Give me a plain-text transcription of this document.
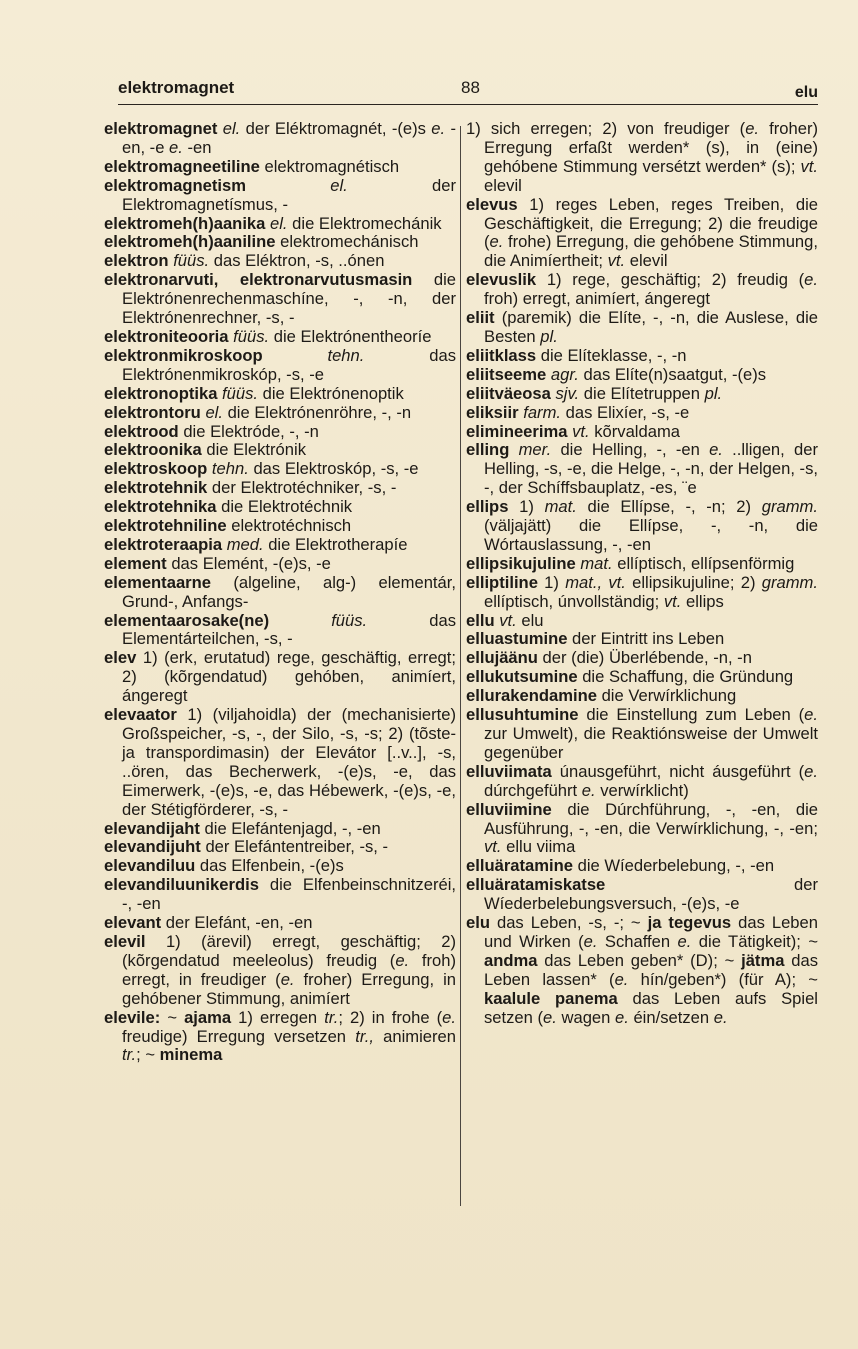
elektromagnet	88	elu

elektromagnet el. der Eléktromagnét, -(e)s e. -en, -e e. -en

elektromagneetiline elektromagnétisch

elektromagnetism	el. der Elektromagnetísmus, -

elektromeh(h)aanika el. die Elektromechánik

elektromeh(h)aaniline elektromechánisch

elektron füüs. das Eléktron, -s, ..ónen

elektronarvuti, elektronarvutusmasin die Elektrónenrechenmaschíne, -, -n, der Elektrónenrechner, -s, -

elektroniteooria füüs. die Elektrónentheoríe

elektronmikroskoop	tehn. das Elektrónenmikroskóp, -s, -e

elektronoptika füüs. die Elektrónenoptik

elektrontoru el. die Elektrónenröhre, -, -n

elektrood die Elektróde, -, -n

elektroonika die Elektrónik

elektroskoop tehn. das Elektroskóp, -s, -e

elektrotehnik der Elektrotéchniker, -s, -

elektrotehnika die Elektrotéchnik

elektrotehniline elektrotéchnisch

elektroteraapia med. die Elektrotherapíe

element das Elemént, -(e)s, -e

elementaarne (algeline, alg-) elementár, Grund-, Anfangs-

elementaarosake(ne)	füüs. das Elementárteilchen, -s, -

elev 1) (erk, erutatud) rege, geschäftig, erregt; 2) (kõrgendatud) gehóben, animíert, ángeregt

elevaator 1) (viljahoidla) der (mechanisierte) Großspeicher, -s, -, der Silo, -s, -s; 2) (tõste- ja transpordimasin) der Elevátor [..v..], -s, ..ören, das Becherwerk, -(e)s, -e, das Eimerwerk, -(e)s, -e, das Hébewerk, -(e)s, -e, der Stétigförderer, -s, -

elevandijaht die Elefántenjagd, -, -en

elevandijuht der Elefántentreiber, -s, -

elevandiluu das Elfenbein, -(e)s

elevandiluunikerdis die Elfenbeinschnitzeréi, -, -en

elevant der Elefánt, -en, -en

elevil 1) (ärevil) erregt, geschäftig; 2) (kõrgendatud meeleolus) freudig (e. froh) erregt, in freudiger (e. froher) Erregung, in gehóbener Stimmung, animíert

elevile: ~ ajama 1) erregen tr.; 2) in frohe (e. freudige) Erregung versetzen tr., animieren tr.; ~ minema

1) sich erregen; 2) von freudiger (e. froher) Erregung erfaßt werden* (s), in (eine) gehóbene Stimmung versétzt werden* (s); vt. elevil

elevus 1) reges Leben, reges Treiben, die Geschäftigkeit, die Erregung; 2) die freudige (e. frohe) Erregung, die gehóbene Stimmung, die Animíertheit; vt. elevil

elevuslik 1) rege, geschäftig; 2) freudig (e. froh) erregt, animíert, ángeregt

eliit (paremik) die Elíte, -, -n, die Auslese, die Besten pl.

eliitklass die Elíteklasse, -, -n

eliitseeme agr. das Elíte(n)saatgut, -(e)s

eliitväeosa sjv. die Elítetruppen pl.

eliksiir farm. das Elixíer, -s, -e

elimineerima vt. kõrvaldama

elling mer. die Helling, -, -en e. ..lligen, der Helling, -s, -e, die Helge, -, -n, der Helgen, -s, -, der Schíffsbauplatz, -es, ¨e

ellips 1) mat. die Ellípse, -, -n; 2) gramm. (väljajätt) die Ellípse, -, -n, die Wórtauslassung, -, -en

ellipsikujuline mat. ellíptisch, ellípsenförmig

elliptiline 1) mat., vt. ellipsikujuline; 2) gramm. ellíptisch, únvollständig; vt. ellips

ellu vt. elu

elluastumine der Eintritt ins Leben

ellujäänu der (die) Überlébende, -n, -n

ellukutsumine die Schaffung, die Gründung

ellurakendamine die Verwírklichung

ellusuhtumine die Einstellung zum Leben (e. zur Umwelt), die Reaktiónsweise der Umwelt gegenüber

elluviimata únausgeführt, nicht áusgeführt (e. dúrchgeführt e. verwírklicht)

elluviimine die Dúrchführung, -, -en, die Ausführung, -, -en, die Verwírklichung, -, -en; vt. ellu viima

elluäratamine die Wíederbelebung, -, -en

elluäratamiskatse der Wíederbelebungsversuch, -(e)s, -e

elu das Leben, -s, -; ~ ja tegevus das Leben und Wirken (e. Schaffen e. die Tätigkeit); ~ andma das Leben geben* (D); ~ jätma das Leben lassen* (e. hín/geben*) (für A); ~ kaalule panema das Leben aufs Spiel setzen (e. wagen e. éin/setzen e.
